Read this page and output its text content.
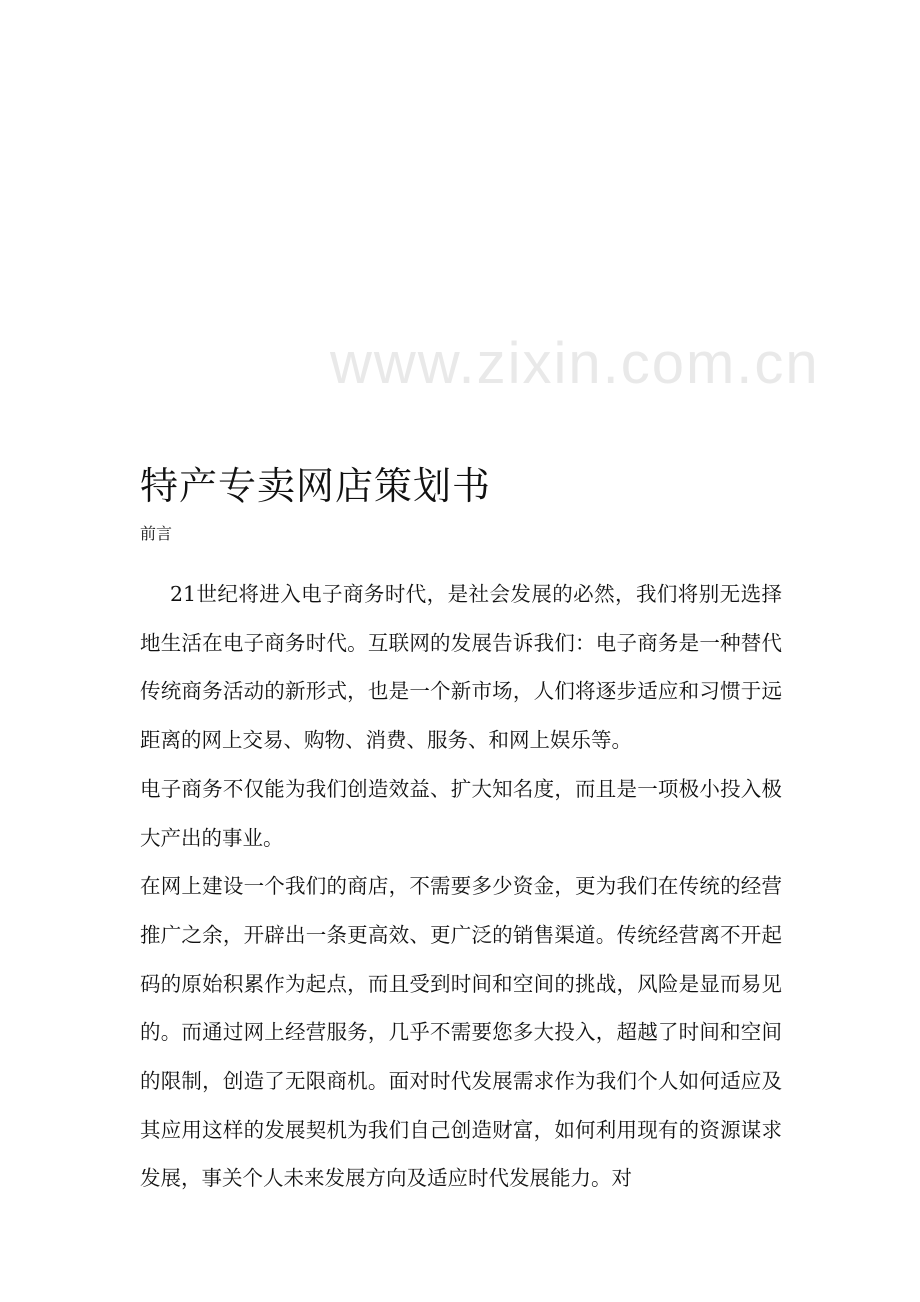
www.zixin.com.cn
特产专卖网店策划书
前言

21世纪将进入电子商务时代，是社会发展的必然，我们将别无选择地生活在电子商务时代。互联网的发展告诉我们：电子商务是一种替代传统商务活动的新形式，也是一个新市场，人们将逐步适应和习惯于远距离的网上交易、购物、消费、服务、和网上娱乐等。

电子商务不仅能为我们创造效益、扩大知名度，而且是一项极小投入极大产出的事业。

在网上建设一个我们的商店，不需要多少资金，更为我们在传统的经营推广之余，开辟出一条更高效、更广泛的销售渠道。传统经营离不开起码的原始积累作为起点，而且受到时间和空间的挑战，风险是显而易见的。而通过网上经营服务，几乎不需要您多大投入，超越了时间和空间的限制，创造了无限商机。面对时代发展需求作为我们个人如何适应及其应用这样的发展契机为我们自己创造财富，如何利用现有的资源谋求发展，事关个人未来发展方向及适应时代发展能力。对
